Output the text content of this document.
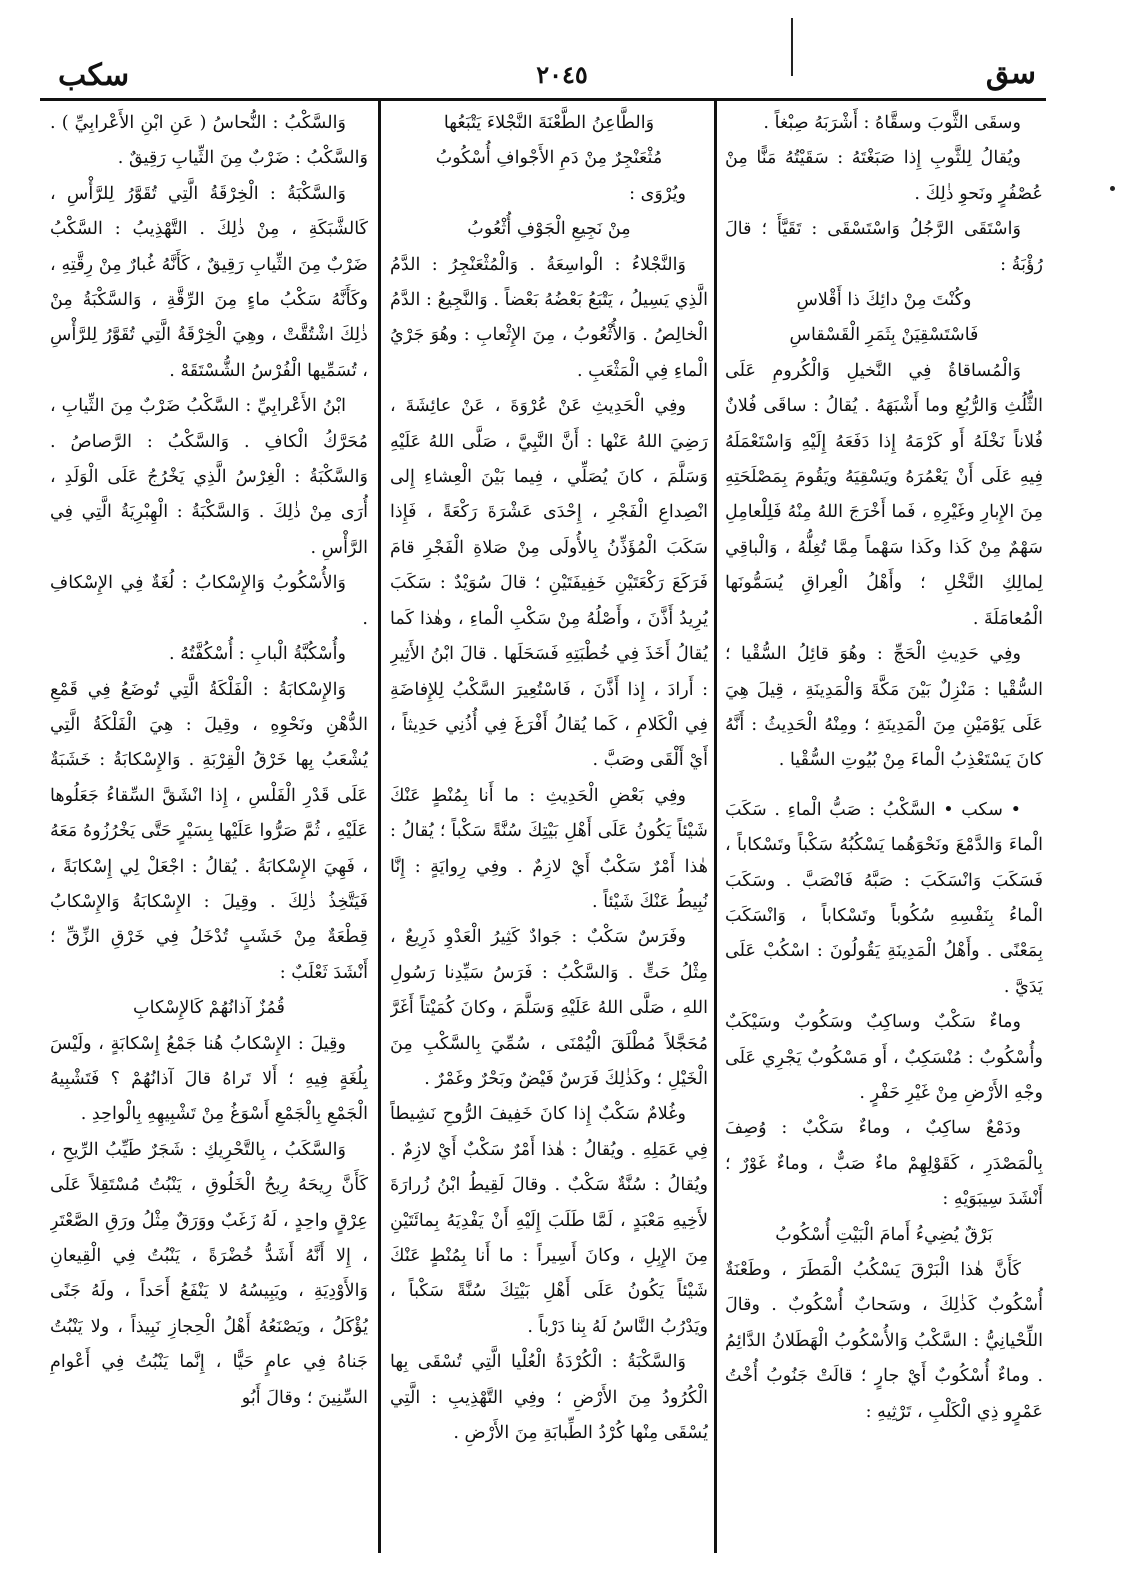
سق
٢٠٤٥
سكب

وسقَى الثَّوبَ وسقَّاهُ : أَشْرَبَهُ صِبْغاً .

ويُقالُ لِلثَّوبِ إِذا صَبَغْتَهُ : سَقَيْتُهُ مَنًّا مِنْ عُصْفُرٍ ونَحوِ ذٰلِكَ .

وَاسْتَقَى الرَّجُلُ وَاسْتَسْقَى : تَقَيَّأَ ؛ قالَ رُؤْبَةُ :

وكُنْتَ مِنْ دائِكَ ذا أَقْلاسِ

فَاسْتَسْقِيَنْ بِثَمَرِ الْقَسْقاسِ

وَالْمُساقاةُ فِي النَّخيلِ وَالْكُرومِ عَلَى الثُّلُثِ وَالرُّبُعِ وما أَشْبَهَهُ . يُقالُ : ساقَى فُلانٌ فُلاناً نَخْلَهُ أَو كَرْمَهُ إِذا دَفَعَهُ إِلَيْهِ وَاسْتَعْمَلَهُ فِيهِ عَلَى أَنْ يَعْمُرَهُ ويَسْقِيَهُ ويَقُومَ بِمَصْلَحَتِهِ مِنَ الإِبارِ وغَيْرِهِ ، فَما أَخْرَجَ اللهُ مِنْهُ فَلِلْعامِلِ سَهْمٌ مِنْ كَذا وكَذا سَهْماً مِمَّا تُغِلُّهُ ، وَالْباقِي لِمالِكِ النَّخْلِ ؛ وأَهْلُ الْعِراقِ يُسَمُّونَها الْمُعامَلَةَ .

وفِي حَدِيثِ الْحَجِّ : وهُوَ قائِلُ السُّقْيا ؛ السُّقْيا : مَنْزِلٌ بَيْنَ مَكَّةَ وَالْمَدِينَةِ ، قِيلَ هِيَ عَلَى يَوْمَيْنِ مِنَ الْمَدِينَةِ ؛ ومِنْهُ الْحَدِيثُ : أَنَّهُ كانَ يَسْتَعْذِبُ الْماءَ مِنْ بُيُوتِ السُّقْيا .

• سكب • السَّكْبُ : صَبُّ الْماءِ . سَكَبَ الْماءَ وَالدَّمْعَ ونَحْوَهُما يَسْكُبُهُ سَكْباً وتَسْكاباً ، فَسَكَبَ وَانْسَكَبَ : صَبَّهُ فَانْصَبَّ . وسَكَبَ الْماءُ بِنَفْسِهِ سُكُوباً وتَسْكاباً ، وَانْسَكَبَ بِمَعْنًى . وأَهْلُ الْمَدِينَةِ يَقُولُونَ : اسْكُبْ عَلَى يَدَيَّ .

وماءٌ سَكْبٌ وساكِبٌ وسَكُوبٌ وسَيْكَبٌ وأُسْكُوبٌ : مُنْسَكِبٌ ، أَو مَسْكُوبٌ يَجْرِي عَلَى وجْهِ الأَرْضِ مِنْ غَيْرِ حَفْرٍ .

ودَمْعٌ ساكِبٌ ، وماءٌ سَكْبٌ : وُصِفَ بِالْمَصْدَرِ ، كَقَوْلِهِمْ ماءٌ صَبٌّ ، وماءٌ غَوْرٌ ؛ أَنْشَدَ سِيبَوَيْهِ :

بَرْقٌ يُضِيءُ أَمامَ الْبَيْتِ أُسْكُوبُ

كَأَنَّ هٰذا الْبَرْقَ يَسْكُبُ الْمَطَرَ ، وطَعْنَةٌ أُسْكُوبٌ كَذٰلِكَ ، وسَحابٌ أُسْكُوبٌ . وقالَ اللِّحْيانِيُّ : السَّكْبُ وَالأُسْكُوبُ الْهَطَلانُ الدَّائِمُ . وماءٌ أُسْكُوبٌ أَيْ جارٍ ؛ قالَتْ جَنُوبُ أُخْتُ عَمْرٍو ذِي الْكَلْبِ ، تَرْثِيهِ :

وَالطَّاعِنُ الطَّعْنَةَ النَّجْلاءَ يَتْبَعُها

مُثْعَنْجِرٌ مِنْ دَمِ الأَجْوافِ أُسْكُوبُ

ويُرْوَى :

مِنْ نَجِيعِ الْجَوْفِ أُثْعُوبُ

وَالنَّجْلاءُ : الْواسِعَةُ . وَالْمُثْعَنْجِرُ : الدَّمُ الَّذِي يَسِيلُ ، يَتْبَعُ بَعْضُهُ بَعْضاً . وَالنَّجِيعُ : الدَّمُ الْخالِصُ . وَالأُثْعُوبُ ، مِنَ الإِثْعابِ : وهُوَ جَرْيُ الْماءِ فِي الْمَثْعَبِ .

وفِي الْحَدِيثِ عَنْ عُرْوَةَ ، عَنْ عائِشَةَ ، رَضِيَ اللهُ عَنْها : أَنَّ النَّبِيَّ ، صَلَّى اللهُ عَلَيْهِ وَسَلَّمَ ، كانَ يُصَلِّي ، فِيما بَيْنَ الْعِشاءِ إِلى انْصِداعِ الْفَجْرِ ، إِحْدَى عَشْرَةَ رَكْعَةً ، فَإِذا سَكَبَ الْمُؤَذِّنُ بِالأُولَى مِنْ صَلاةِ الْفَجْرِ قامَ فَرَكَعَ رَكْعَتَيْنِ خَفِيفَتَيْنِ ؛ قالَ سُوَيْدٌ : سَكَبَ يُرِيدُ أَذَّنَ ، وأَصْلُهُ مِنْ سَكْبِ الْماءِ ، وهٰذا كَما يُقالُ أَخَذَ فِي خُطْبَتِهِ فَسَحَلَها . قالَ ابْنُ الأَثِيرِ : أَرادَ ، إِذا أَذَّنَ ، فَاسْتُعِيرَ السَّكْبُ لِلإِفاضَةِ فِي الْكَلامِ ، كَما يُقالُ أَفْرَغَ فِي أُذُنِي حَدِيثاً ، أَيْ أَلْقَى وصَبَّ .

وفِي بَعْضِ الْحَدِيثِ : ما أَنا بِمُنْطٍ عَنْكَ شَيْئاً يَكُونُ عَلَى أَهْلِ بَيْتِكَ سُنَّةً سَكْباً ؛ يُقالُ : هٰذا أَمْرٌ سَكْبٌ أَيْ لازِمٌ . وفِي رِوايَةٍ : إِنَّا نُبِيطُ عَنْكَ شَيْئاً .

وفَرَسٌ سَكْبٌ : جَوادٌ كَثِيرُ الْعَدْوِ ذَرِيعٌ ، مِثْلُ حَتٍّ . وَالسَّكْبُ : فَرَسُ سَيِّدِنا رَسُولِ اللهِ ، صَلَّى اللهُ عَلَيْهِ وَسَلَّمَ ، وكانَ كُمَيْتاً أَغَرَّ مُحَجَّلاً مُطْلَقَ الْيُمْنَى ، سُمِّيَ بِالسَّكْبِ مِنَ الْخَيْلِ ؛ وكَذٰلِكَ فَرَسٌ فَيْضٌ وبَحْرٌ وغَمْرٌ .

وغُلامٌ سَكْبٌ إِذا كانَ خَفِيفَ الرُّوحِ نَشِيطاً فِي عَمَلِهِ . ويُقالُ : هٰذا أَمْرٌ سَكْبٌ أَيْ لازِمٌ . ويُقالُ : سُنَّةٌ سَكْبٌ . وقالَ لَقِيطُ ابْنُ زُرارَةَ لأَخِيهِ مَعْبَدٍ ، لَمَّا طَلَبَ إِلَيْهِ أَنْ يَفْدِيَهُ بِمائَتَيْنِ مِنَ الإِبِلِ ، وكانَ أَسِيراً : ما أَنا بِمُنْطٍ عَنْكَ شَيْئاً يَكُونُ عَلَى أَهْلِ بَيْتِكَ سُنَّةً سَكْباً ، ويَدْرُبُ النَّاسُ لَهُ بِنا دَرْباً .

وَالسَّكْبَةُ : الْكُرْدَةُ الْعُلْيا الَّتِي تُسْقَى بِها الْكُرُودُ مِنَ الأَرْضِ ؛ وفِي التَّهْذِيبِ : الَّتِي يُسْقَى مِنْها كُرْدُ الطِّبابَةِ مِنَ الأَرْضِ .

وَالسَّكْبُ : النُّحاسُ ( عَنِ ابْنِ الأَعْرابِيِّ ) . وَالسَّكْبُ : ضَرْبٌ مِنَ الثِّيابِ رَقِيقٌ .

وَالسَّكْبَةُ : الْخِرْقَةُ الَّتِي تُقَوَّرُ لِلرَّأْسِ ، كَالشَّبَكَةِ ، مِنْ ذٰلِكَ . التَّهْذِيبُ : السَّكْبُ ضَرْبٌ مِنَ الثِّيابِ رَقِيقٌ ، كَأَنَّهُ غُبارٌ مِنْ رِقَّتِهِ ، وكَأَنَّهُ سَكْبُ ماءٍ مِنَ الرِّقَّةِ ، وَالسَّكْبَةُ مِنْ ذٰلِكَ اشْتُقَّتْ ، وهِيَ الْخِرْقَةُ الَّتِي تُقَوَّرُ لِلرَّأْسِ ، تُسَمِّيها الْفُرْسُ الشُّسْتَقَهْ .

ابْنُ الأَعْرابِيِّ : السَّكْبُ ضَرْبٌ مِنَ الثِّيابِ ، مُحَرَّكُ الْكافِ . وَالسَّكْبُ : الرَّصاصُ . وَالسَّكْبَةُ : الْغِرْسُ الَّذِي يَخْرُجُ عَلَى الْوَلَدِ ، أُرَى مِنْ ذٰلِكَ . وَالسَّكْبَةُ : الْهِبْرِيَةُ الَّتِي فِي الرَّأْسِ .

وَالأُسْكُوبُ وَالإِسْكابُ : لُغَةٌ فِي الإِسْكافِ .

وأُسْكُبَّةُ الْبابِ : أُسْكُفَّتُهُ .

وَالإِسْكابَةُ : الْفَلْكَةُ الَّتِي تُوضَعُ فِي قَمْعِ الدُّهْنِ ونَحْوِهِ ، وقِيلَ : هِيَ الْفَلْكَةُ الَّتِي يُشْعَبُ بِها خَرْقُ الْقِرْبَةِ . وَالإِسْكابَةُ : خَشَبَةٌ عَلَى قَدْرِ الْفَلْسِ ، إِذا انْشَقَّ السِّقاءُ جَعَلُوها عَلَيْهِ ، ثُمَّ صَرُّوا عَلَيْها بِسَيْرٍ حَتَّى يَخْرُزُوهُ مَعَهُ ، فَهِيَ الإِسْكابَةُ . يُقالُ : اجْعَلْ لِي إِسْكابَةً ، فَيَتَّخِذُ ذٰلِكَ . وقِيلَ : الإِسْكابَةُ وَالإِسْكابُ قِطْعَةٌ مِنْ خَشَبٍ تُدْخَلُ فِي خَرْقِ الزِّقِّ ؛ أَنْشَدَ ثَعْلَبٌ :

قُمُزٌ آذانُهُمْ كَالإِسْكابِ

وقِيلَ : الإِسْكابُ هُنا جَمْعُ إِسْكابَةٍ ، ولَيْسَ بِلُغَةٍ فِيهِ ؛ أَلا تَراهُ قالَ آذانُهُمْ ؟ فَتَشْبِيهُ الْجَمْعِ بِالْجَمْعِ أَسْوَغُ مِنْ تَشْبِيهِهِ بِالْواحِدِ .

وَالسَّكَبُ ، بِالتَّحْرِيكِ : شَجَرٌ طَيِّبُ الرِّيحِ ، كَأَنَّ رِيحَهُ رِيحُ الْخَلُوقِ ، يَنْبُتُ مُسْتَقِلاً عَلَى عِرْقٍ واحِدٍ ، لَهُ زَغَبٌ ووَرَقٌ مِثْلُ ورَقِ الصَّعْتَرِ ، إِلا أَنَّهُ أَشَدُّ خُضْرَةً ، يَنْبُتُ فِي الْقِيعانِ وَالأَوْدِيَةِ ، ويَبِيسُهُ لا يَنْفَعُ أَحَداً ، ولَهُ جَنًى يُؤْكَلُ ، ويَصْنَعُهُ أَهْلُ الْحِجازِ نَبِيذاً ، ولا يَنْبُتُ جَناهُ فِي عامٍ حَيًّا ، إِنَّما يَنْبُتُ فِي أَعْوامِ السِّنِينَ ؛ وقالَ أَبُو
